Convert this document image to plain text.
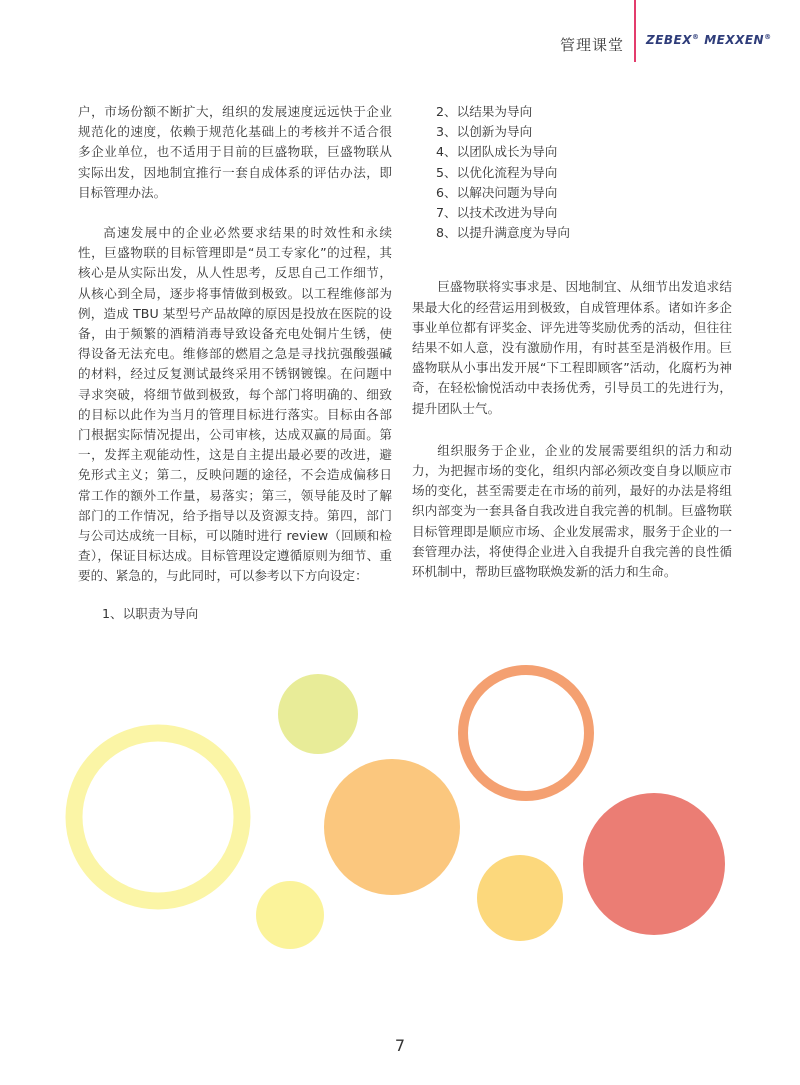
管理课堂 ZEBEX® MEXXEN®

户，市场份额不断扩大，组织的发展速度远远快于企业规范化的速度，依赖于规范化基础上的考核并不适合很多企业单位，也不适用于目前的巨盛物联，巨盛物联从实际出发，因地制宜推行一套自成体系的评估办法，即目标管理办法。

高速发展中的企业必然要求结果的时效性和永续性，巨盛物联的目标管理即是“员工专家化”的过程，其核心是从实际出发，从人性思考，反思自己工作细节，从核心到全局，逐步将事情做到极致。以工程维修部为例，造成 TBU 某型号产品故障的原因是投放在医院的设备，由于频繁的酒精消毒导致设备充电处铜片生锈，使得设备无法充电。维修部的燃眉之急是寻找抗强酸强碱的材料，经过反复测试最终采用不锈钢镀镍。在问题中寻求突破，将细节做到极致，每个部门将明确的、细致的目标以此作为当月的管理目标进行落实。目标由各部门根据实际情况提出，公司审核，达成双赢的局面。第一，发挥主观能动性，这是自主提出最必要的改进，避免形式主义；第二，反映问题的途径，不会造成偏移日常工作的额外工作量，易落实；第三，领导能及时了解部门的工作情况，给予指导以及资源支持。第四，部门与公司达成统一目标，可以随时进行 review（回顾和检查），保证目标达成。目标管理设定遵循原则为细节、重要的、紧急的，与此同时，可以参考以下方向设定：

1、以职责为导向
2、以结果为导向
3、以创新为导向
4、以团队成长为导向
5、以优化流程为导向
6、以解决问题为导向
7、以技术改进为导向
8、以提升满意度为导向

巨盛物联将实事求是、因地制宜、从细节出发追求结果最大化的经营运用到极致，自成管理体系。诸如许多企事业单位都有评奖金、评先进等奖励优秀的活动，但往往结果不如人意，没有激励作用，有时甚至是消极作用。巨盛物联从小事出发开展“下工程即顾客”活动，化腐朽为神奇，在轻松愉悦活动中表扬优秀，引导员工的先进行为，提升团队士气。

组织服务于企业，企业的发展需要组织的活力和动力，为把握市场的变化，组织内部必须改变自身以顺应市场的变化，甚至需要走在市场的前列，最好的办法是将组织内部变为一套具备自我改进自我完善的机制。巨盛物联目标管理即是顺应市场、企业发展需求，服务于企业的一套管理办法，将使得企业进入自我提升自我完善的良性循环机制中，帮助巨盛物联焕发新的活力和生命。

7
